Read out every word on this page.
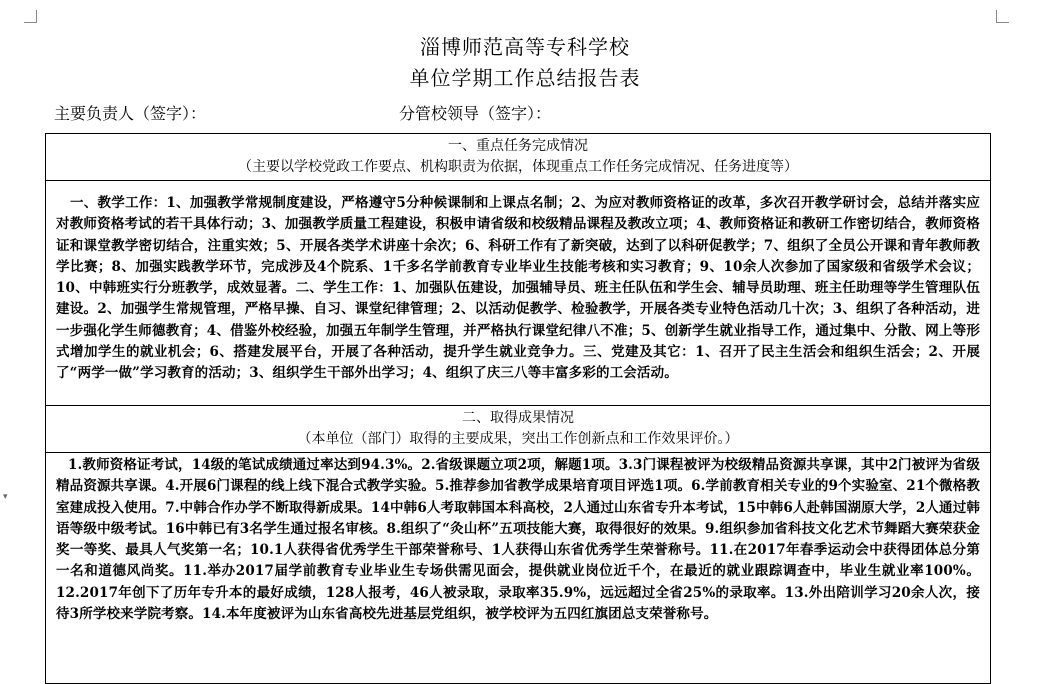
▾
淄博师范高等专科学校
单位学期工作总结报告表
主要负责人（签字）：	分管校领导（签字）：
一、重点任务完成情况
（主要以学校党政工作要点、机构职责为依据，体现重点工作任务完成情况、任务进度等）

一、教学工作：1、加强教学常规制度建设，严格遵守5分种候课制和上课点名制；2、为应对教师资格证的改革，多次召开教学研讨会，总结并落实应对教师资格考试的若干具体行动；3、加强教学质量工程建设，积极申请省级和校级精品课程及教改立项；4、教师资格证和教研工作密切结合，教师资格证和课堂教学密切结合，注重实效；5、开展各类学术讲座十余次；6、科研工作有了新突破，达到了以科研促教学；7、组织了全员公开课和青年教师教学比赛；8、加强实践教学环节，完成涉及4个院系、1千多名学前教育专业毕业生技能考核和实习教育；9、10余人次参加了国家级和省级学术会议；10、中韩班实行分班教学，成效显著。二、学生工作：1、加强队伍建设，加强辅导员、班主任队伍和学生会、辅导员助理、班主任助理等学生管理队伍建设。2、加强学生常规管理，严格早操、自习、课堂纪律管理；2、以活动促教学、检验教学，开展各类专业特色活动几十次；3、组织了各种活动，进一步强化学生师德教育；4、借鉴外校经验，加强五年制学生管理，并严格执行课堂纪律八不准；5、创新学生就业指导工作，通过集中、分散、网上等形式增加学生的就业机会；6、搭建发展平台，开展了各种活动，提升学生就业竞争力。三、党建及其它：1、召开了民主生活会和组织生活会；2、开展了“两学一做”学习教育的活动；3、组织学生干部外出学习；4、组织了庆三八等丰富多彩的工会活动。

二、取得成果情况
（本单位（部门）取得的主要成果，突出工作创新点和工作效果评价。）

1.教师资格证考试，14级的笔试成绩通过率达到94.3%。2.省级课题立项2项，解题1项。3.3门课程被评为校级精品资源共享课，其中2门被评为省级精品资源共享课。4.开展6门课程的线上线下混合式教学实验。5.推荐参加省教学成果培育项目评选1项。6.学前教育相关专业的9个实验室、21个微格教室建成投入使用。7.中韩合作办学不断取得新成果。14中韩6人考取韩国本科高校，2人通过山东省专升本考试，15中韩6人赴韩国湖原大学，2人通过韩语等级中级考试。16中韩已有3名学生通过报名审核。8.组织了“灸山杯”五项技能大赛，取得很好的效果。9.组织参加省科技文化艺术节舞蹈大赛荣获金奖一等奖、最具人气奖第一名；10.1人获得省优秀学生干部荣誉称号、1人获得山东省优秀学生荣誉称号。11.在2017年春季运动会中获得团体总分第一名和道德风尚奖。11.举办2017届学前教育专业毕业生专场供需见面会，提供就业岗位近千个，在最近的就业跟踪调查中，毕业生就业率100%。12.2017年创下了历年专升本的最好成绩，128人报考，46人被录取，录取率35.9%，远远超过全省25%的录取率。13.外出陪训学习20余人次，接待3所学校来学院考察。14.本年度被评为山东省高校先进基层党组织，被学校评为五四红旗团总支荣誉称号。
